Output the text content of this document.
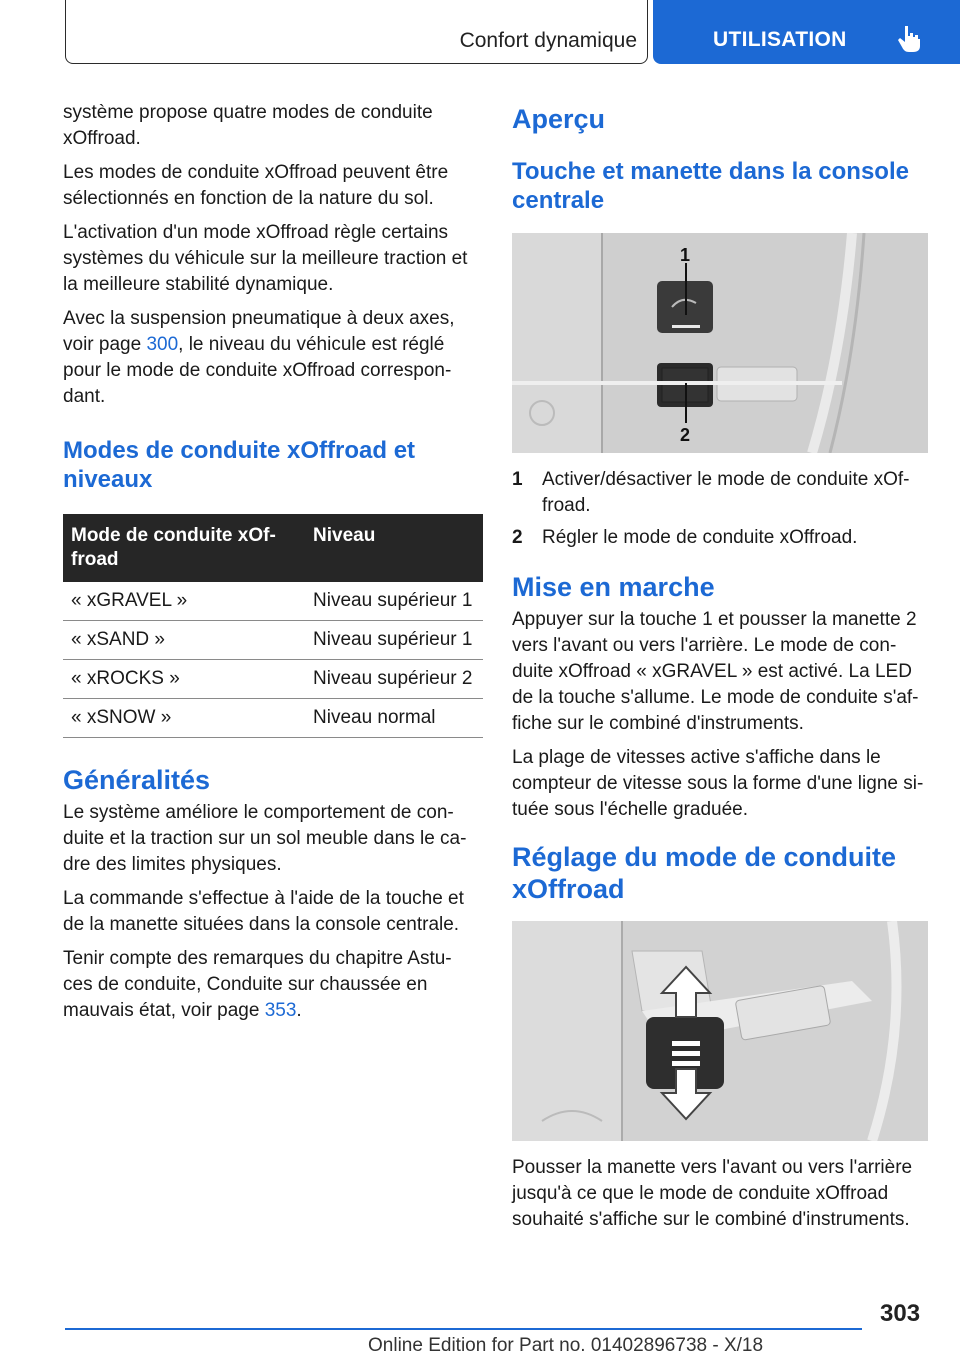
Confort dynamique	UTILISATION

système propose quatre modes de conduite xOffroad.

Les modes de conduite xOffroad peuvent être sélectionnés en fonction de la nature du sol.

L'activation d'un mode xOffroad règle certains systèmes du véhicule sur la meilleure traction et la meilleure stabilité dynamique.

Avec la suspension pneumatique à deux axes, voir page 300, le niveau du véhicule est réglé pour le mode de conduite xOffroad correspon- dant.

Modes de conduite xOffroad et niveaux
Mode de conduite xOf- froad	Niveau
« xGRAVEL »	Niveau supérieur 1
« xSAND »	Niveau supérieur 1
« xROCKS »	Niveau supérieur 2
« xSNOW »	Niveau normal
Généralités

Le système améliore le comportement de con- duite et la traction sur un sol meuble dans le ca- dre des limites physiques.

La commande s'effectue à l'aide de la touche et de la manette situées dans la console centrale.

Tenir compte des remarques du chapitre Astu- ces de conduite, Conduite sur chaussée en mauvais état, voir page 353.

Aperçu
Touche et manette dans la console centrale
1
2
1 Activer/désactiver le mode de conduite xOf- froad.
2 Régler le mode de conduite xOffroad.
Mise en marche

Appuyer sur la touche 1 et pousser la manette 2 vers l'avant ou vers l'arrière. Le mode de con- duite xOffroad « xGRAVEL » est activé. La LED de la touche s'allume. Le mode de conduite s'af- fiche sur le combiné d'instruments.

La plage de vitesses active s'affiche dans le compteur de vitesse sous la forme d'une ligne si- tuée sous l'échelle graduée.

Réglage du mode de conduite xOffroad

Pousser la manette vers l'avant ou vers l'arrière jusqu'à ce que le mode de conduite xOffroad souhaité s'affiche sur le combiné d'instruments.

303
Online Edition for Part no. 01402896738 - X/18
